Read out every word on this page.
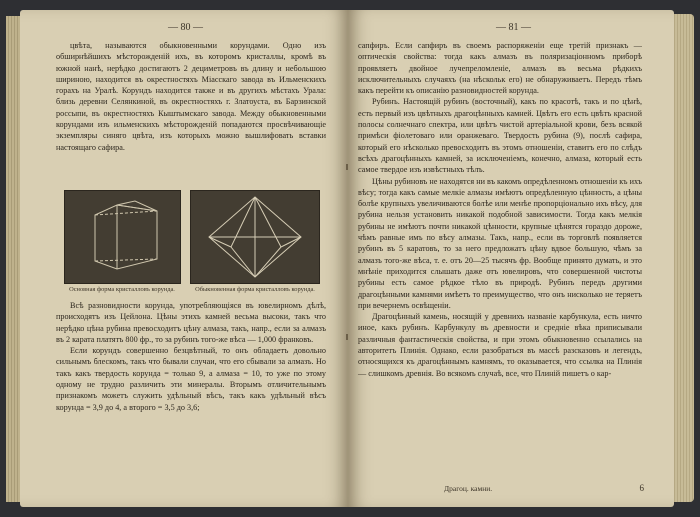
— 80 —

цвѣта, называются обыкновенными корундами. Одно изъ обширнѣйшихъ мѣсторожденій ихъ, въ которомъ кристаллы, кромѣ въ южной нанѣ, нерѣдко достигаютъ 2 дециметровъ въ длину и небольшою шириною, находится въ окрестностяхъ Міасскаго завода въ Ильменскихъ горахъ на Уралѣ. Корундъ находится также и въ другихъ мѣстахъ Урала: близь деревни Селянкиной, въ окрестностяхъ г. Златоуста, въ Барзинской россыпи, въ окрестностяхъ Кыштымскаго завода. Между обыкновенными корундами изъ ильменскихъ мѣсторожденій попадаются просвѣчивающіе экземпляры синяго цвѣта, изъ которыхъ можно вышлифовать вставки настоящаго сафира.

Основная форма кристалловъ корунда.	Обыкновенная форма кристалловъ корунда.

Всѣ разновидности корунда, употребляющіяся въ ювелирномъ дѣлѣ, происходятъ изъ Цейлона. Цѣны этихъ камней весьма высоки, такъ что нерѣдко цѣна рубина превосходитъ цѣну алмаза, такъ, напр., если за алмазъ въ 2 карата платятъ 800 фр., то за рубинъ того-же вѣса — 1,000 франковъ.

Если корундъ совершенно безцвѣтный, то онъ обладаетъ довольно сильнымъ блескомъ, такъ что бывали случаи, что его сбывали за алмазъ. Но такъ какъ твердость корунда = только 9, а алмаза = 10, то уже по этому одному не трудно различить эти минералы. Вторымъ отличительнымъ признакомъ можетъ служить удѣльный вѣсъ, такъ какъ удѣльный вѣсъ корунда = 3,9 до 4, а второго = 3,5 до 3,6;

— 81 —

сапфиръ. Если сапфиръ въ своемъ распоряженіи еще третій признакъ — оптическія свойства: тогда какъ алмазъ въ поляризаціонномъ приборѣ проявляетъ двойное лучепреломленіе, алмазъ въ весьма рѣдкихъ исключительныхъ случаяхъ (на нѣскольк его) не обнаруживаетъ. Передъ тѣмъ какъ перейти къ описанію разновидностей корунда.

Рубинъ. Настоящій рубинъ (восточный), какъ по красотѣ, такъ и по цѣнѣ, есть первый изъ цвѣтныхъ драгоцѣнныхъ камней. Цвѣтъ его есть цвѣтъ красной полосы солнечнаго спектра, или цвѣтъ чистой артеріальной крови, безъ всякой примѣси фіолетоваго или оранжеваго. Твердость рубина (9), послѣ сафира, который его нѣсколько превосходитъ въ этомъ отношеніи, ставитъ его по слѣдъ всѣхъ драгоцѣнныхъ камней, за исключеніемъ, конечно, алмаза, который есть самое твердое изъ извѣстныхъ тѣлъ.

Цѣны рубиновъ не находятся ни въ какомъ опредѣленномъ отношеніи къ ихъ вѣсу; тогда какъ самые мелкіе алмазы имѣютъ опредѣленную цѣнность, а цѣны болѣе крупныхъ увеличиваются болѣе или менѣе пропорціонально ихъ вѣсу, для рубина нельзя установить никакой подобной зависимости. Тогда какъ мелкія рубины не имѣютъ почти никакой цѣнности, крупные цѣнятся гораздо дороже, чѣмъ равные имъ по вѣсу алмазы. Такъ, напр., если въ торговлѣ появляется рубинъ въ 5 каратовъ, то за него предложатъ цѣну вдвое большую, чѣмъ за алмазъ того-же вѣса, т. е. отъ 20—25 тысячъ фр. Вообще принято думать, и это мнѣніе приходится слышать даже отъ ювелировъ, что совершенной чистоты рубины есть самое рѣдкое тѣло въ природѣ. Рубинъ передъ другими драгоцѣнными камнями имѣетъ то преимущество, что онъ нисколько не теряетъ при вечернемъ освѣщеніи.

Драгоцѣнный камень, носящій у древнихъ названіе карбункула, есть ничто иное, какъ рубинъ. Карбункулу въ древности и средніе вѣка приписывали различныя фантастическія свойства, и при этомъ обыкновенно ссылались на авторитетъ Плинія. Однако, если разобраться въ массѣ разсказовъ и легендъ, относящихся къ драгоцѣннымъ камнямъ, то оказывается, что ссылка на Плинія — слишкомъ древнія. Во всякомъ случаѣ, все, что Плиній пишетъ о кар-

Драгоц. камни.	6
